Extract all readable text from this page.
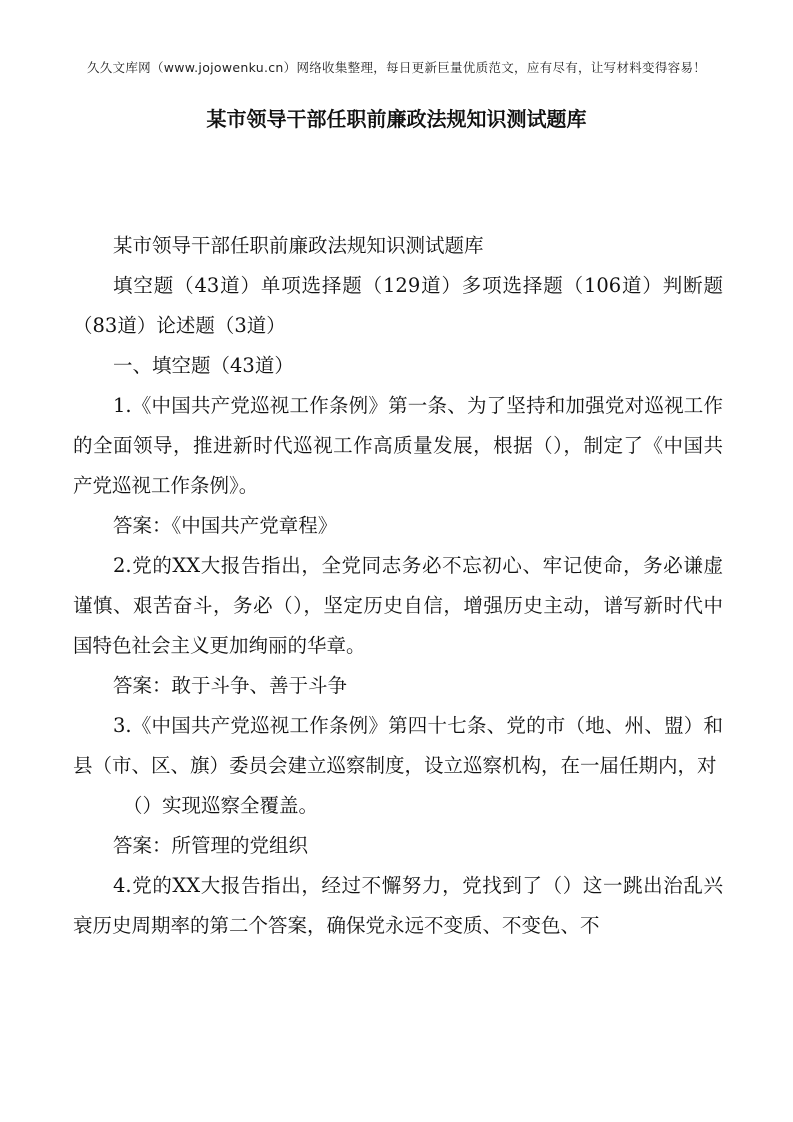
久久文库网（www.jojowenku.cn）网络收集整理，每日更新巨量优质范文，应有尽有，让写材料变得容易！
某市领导干部任职前廉政法规知识测试题库

某市领导干部任职前廉政法规知识测试题库

填空题（43道）单项选择题（129道）多项选择题（106道）判断题（83道）论述题（3道）

一、填空题（43道）

1.《中国共产党巡视工作条例》第一条、为了坚持和加强党对巡视工作的全面领导，推进新时代巡视工作高质量发展，根据（），制定了《中国共产党巡视工作条例》。

答案：《中国共产党章程》

2.党的XX大报告指出，全党同志务必不忘初心、牢记使命，务必谦虚谨慎、艰苦奋斗，务必（），坚定历史自信，增强历史主动，谱写新时代中国特色社会主义更加绚丽的华章。

答案：敢于斗争、善于斗争

3.《中国共产党巡视工作条例》第四十七条、党的市（地、州、盟）和县（市、区、旗）委员会建立巡察制度，设立巡察机构，在一届任期内，对

（）实现巡察全覆盖。

答案：所管理的党组织

4.党的XX大报告指出，经过不懈努力，党找到了（）这一跳出治乱兴衰历史周期率的第二个答案，确保党永远不变质、不变色、不
